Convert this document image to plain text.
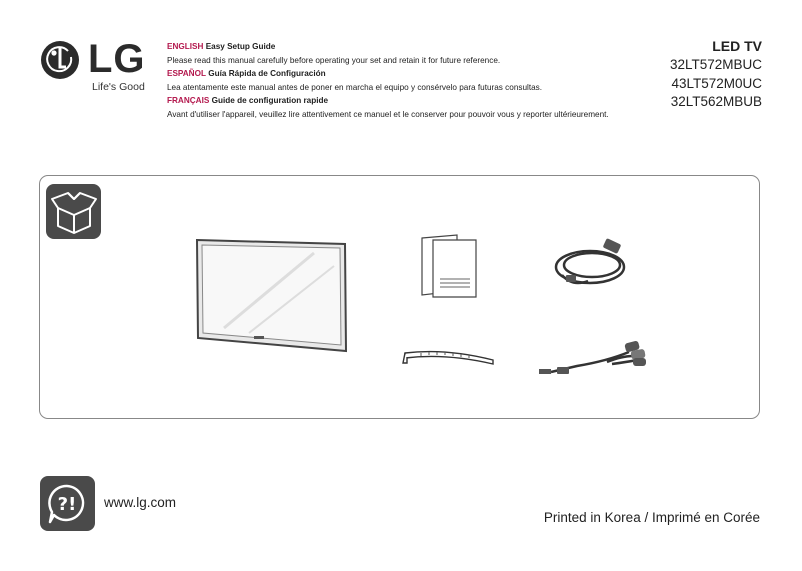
LG
Life's Good

ENGLISH Easy Setup Guide

Please read this manual carefully before operating your set and retain it for future reference.

ESPAÑOL Guía Rápida de Configuración

Lea atentamente este manual antes de poner en marcha el equipo y consérvelo para futuras consultas.

FRANÇAIS Guide de configuration rapide

Avant d'utiliser l'appareil, veuillez lire attentivement ce manuel et le conserver pour pouvoir vous y reporter ultérieurement.

LED TV
32LT572MBUC
43LT572M0UC
32LT562MBUB
?! www.lg.com
Printed in Korea / Imprimé en Corée
